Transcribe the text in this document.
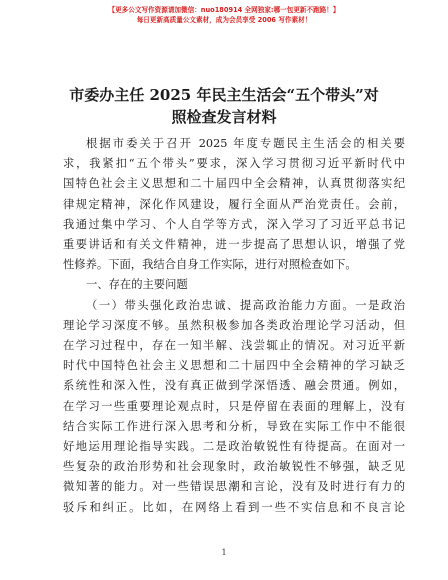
【更多公文写作资源请加微信：nuo180914 全网独家:哪一包更新不跑路！】
每日更新高质量公文素材，成为会员享受 2006 写作素材！
市委办主任 2025 年民主生活会“五个带头”对
照检查发言材料
根据市委关于召开 2025 年度专题民主生活会的相关要
求，我紧扣“五个带头”要求，深入学习贯彻习近平新时代中
国特色社会主义思想和二十届四中全会精神，认真贯彻落实纪
律规定精神，深化作风建设，履行全面从严治党责任。会前，
我通过集中学习、个人自学等方式，深入学习了习近平总书记
重要讲话和有关文件精神，进一步提高了思想认识，增强了党
性修养。下面，我结合自身工作实际，进行对照检查如下。
一、存在的主要问题
（一）带头强化政治忠诚、提高政治能力方面。一是政治
理论学习深度不够。虽然积极参加各类政治理论学习活动，但
在学习过程中，存在一知半解、浅尝辄止的情况。对习近平新
时代中国特色社会主义思想和二十届四中全会精神的学习缺乏
系统性和深入性，没有真正做到学深悟透、融会贯通。例如，
在学习一些重要理论观点时，只是停留在表面的理解上，没有
结合实际工作进行深入思考和分析，导致在实际工作中不能很
好地运用理论指导实践。二是政治敏锐性有待提高。在面对一
些复杂的政治形势和社会现象时，政治敏锐性不够强，缺乏见
微知著的能力。对一些错误思潮和言论，没有及时进行有力的
驳斥和纠正。比如，在网络上看到一些不实信息和不良言论
1
